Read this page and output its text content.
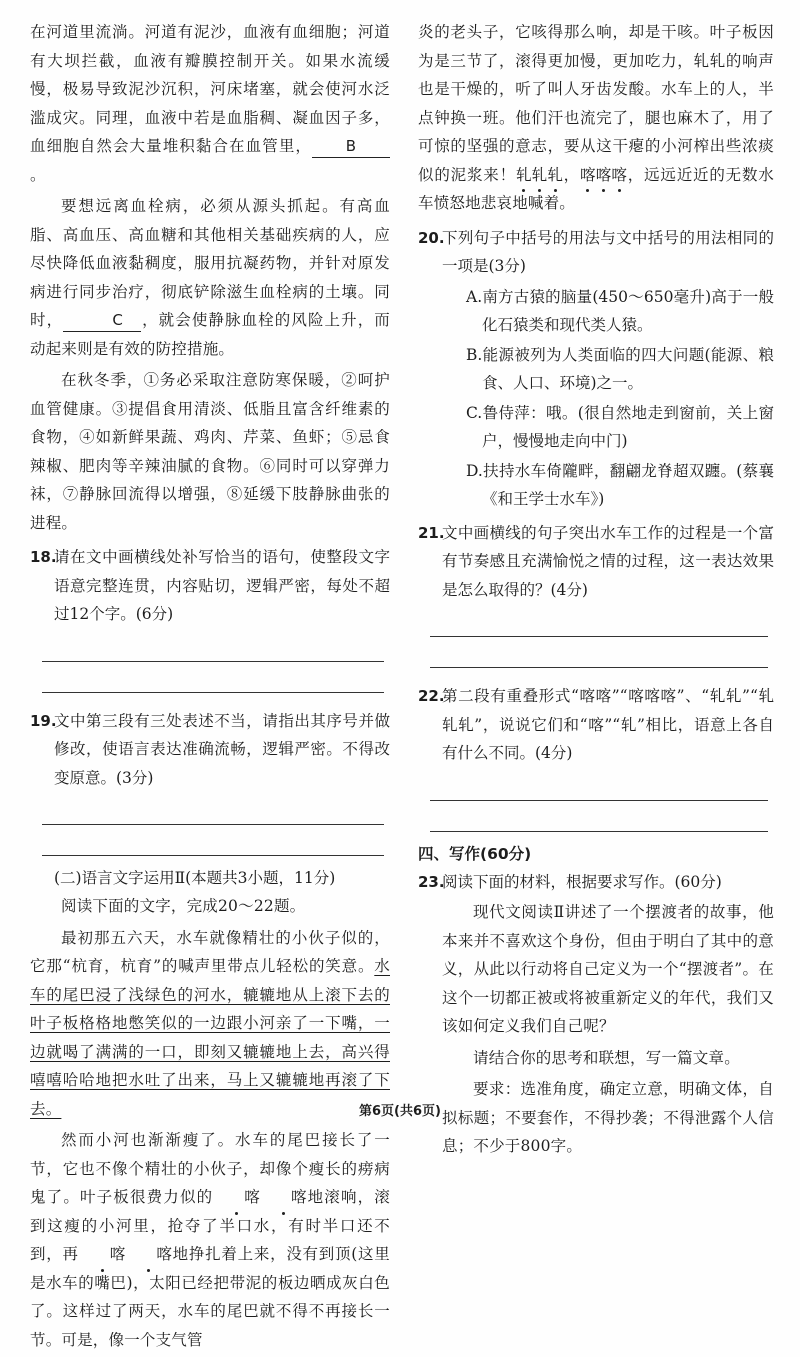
在河道里流淌。河道有泥沙，血液有血细胞；河道有大坝拦截，血液有瓣膜控制开关。如果水流缓慢，极易导致泥沙沉积，河床堵塞，就会使河水泛滥成灾。同理，血液中若是血脂稠、凝血因子多，血细胞自然会大量堆积黏合在血管里， B。

要想远离血栓病，必须从源头抓起。有高血脂、高血压、高血糖和其他相关基础疾病的人，应尽快降低血液黏稠度，服用抗凝药物，并针对原发病进行同步治疗，彻底铲除滋生血栓病的土壤。同时，	C ，就会使静脉血栓的风险上升，而动起来则是有效的防控措施。

在秋冬季，①务必采取注意防寒保暖，②呵护血管健康。③提倡食用清淡、低脂且富含纤维素的食物，④如新鲜果蔬、鸡肉、芹菜、鱼虾；⑤忌食辣椒、肥肉等辛辣油腻的食物。⑥同时可以穿弹力袜，⑦静脉回流得以增强，⑧延缓下肢静脉曲张的进程。

18.
请在文中画横线处补写恰当的语句，使整段文字语意完整连贯，内容贴切，逻辑严密，每处不超过12个字。(6分)
19.
文中第三段有三处表述不当，请指出其序号并做修改，使语言表达准确流畅，逻辑严密。不得改变原意。(3分)
(二)语言文字运用Ⅱ(本题共3小题，11分)

阅读下面的文字，完成20～22题。

最初那五六天，水车就像精壮的小伙子似的，它那“杭育，杭育”的喊声里带点儿轻松的笑意。水车的尾巴浸了浅绿色的河水，辘辘地从上滚下去的叶子板格格地憋笑似的一边跟小河亲了一下嘴，一边就喝了满满的一口，即刻又辘辘地上去，高兴得嘻嘻哈哈地把水吐了出来，马上又辘辘地再滚了下去。

然而小河也渐渐瘦了。水车的尾巴接长了一节，它也不像个精壮的小伙子，却像个瘦长的痨病鬼了。叶子板很费力似的 喀 喀地滚响，滚到这瘦的小河里，抢夺了半口水，有时半口还不到，再 喀 喀地挣扎着上来，没有到顶(这里是水车的嘴巴)，太阳已经把带泥的板边晒成灰白色了。这样过了两天，水车的尾巴就不得不再接长一节。可是，像一个支气管

炎的老头子，它咳得那么响，却是干咳。叶子板因为是三节了，滚得更加慢，更加吃力，轧轧的响声也是干燥的，听了叫人牙齿发酸。水车上的人，半点钟换一班。他们汗也流完了，腿也麻木了，用了可惊的坚强的意志，要从这干瘪的小河榨出些浓痰似的泥浆来！轧轧轧，喀喀喀，远远近近的无数水车愤怒地悲哀地喊着。

20.
下列句子中括号的用法与文中括号的用法相同的一项是(3分)
A.南方古猿的脑量(450～650毫升)高于一般化石猿类和现代类人猿。
B.能源被列为人类面临的四大问题(能源、粮食、人口、环境)之一。
C.鲁侍萍：哦。(很自然地走到窗前，关上窗户，慢慢地走向中门)
D.扶持水车倚隴畔，翻翩龙脊超双躔。(蔡襄《和王学士水车》)
21.
文中画横线的句子突出水车工作的过程是一个富有节奏感且充满愉悦之情的过程，这一表达效果是怎么取得的？(4分)
22.
第二段有重叠形式“喀喀”“喀喀喀”、“轧轧”“轧轧轧”，说说它们和“喀”“轧”相比，语意上各自有什么不同。(4分)
四、写作(60分)
23.
阅读下面的材料，根据要求写作。(60分)

现代文阅读Ⅱ讲述了一个摆渡者的故事，他本来并不喜欢这个身份，但由于明白了其中的意义，从此以行动将自己定义为一个“摆渡者”。在这个一切都正被或将被重新定义的年代，我们又该如何定义我们自己呢？

请结合你的思考和联想，写一篇文章。

要求：选准角度，确定立意，明确文体，自拟标题；不要套作，不得抄袭；不得泄露个人信息；不少于800字。

第6页(共6页)
